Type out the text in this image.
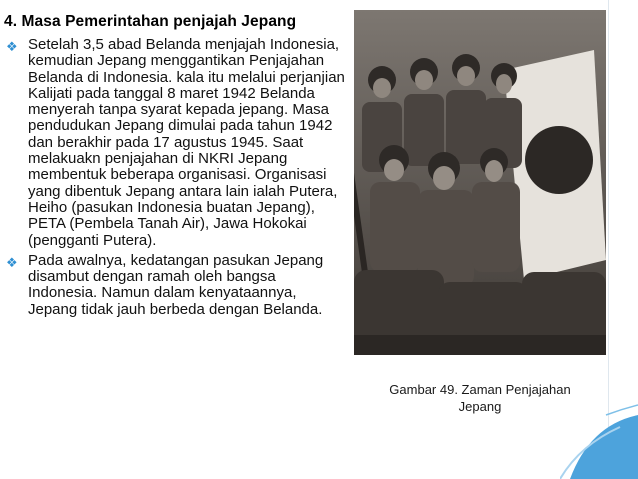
4. Masa Pemerintahan penjajah Jepang
❖ Setelah 3,5 abad Belanda menjajah Indonesia, kemudian Jepang menggantikan Penjajahan Belanda di Indonesia. kala itu melalui perjanjian Kalijati pada tanggal 8 maret 1942 Belanda menyerah tanpa syarat kepada jepang. Masa pendudukan Jepang dimulai pada tahun 1942 dan berakhir pada 17 agustus 1945. Saat melakuakn penjajahan di NKRI Jepang membentuk beberapa organisasi. Organisasi yang dibentuk Jepang antara lain ialah Putera, Heiho (pasukan Indonesia buatan Jepang), PETA (Pembela Tanah Air), Jawa Hokokai (pengganti Putera).
❖ Pada awalnya, kedatangan pasukan Jepang disambut dengan ramah oleh bangsa Indonesia. Namun dalam kenyataannya, Jepang tidak jauh berbeda dengan Belanda.
Gambar 49. Zaman Penjajahan
Jepang
